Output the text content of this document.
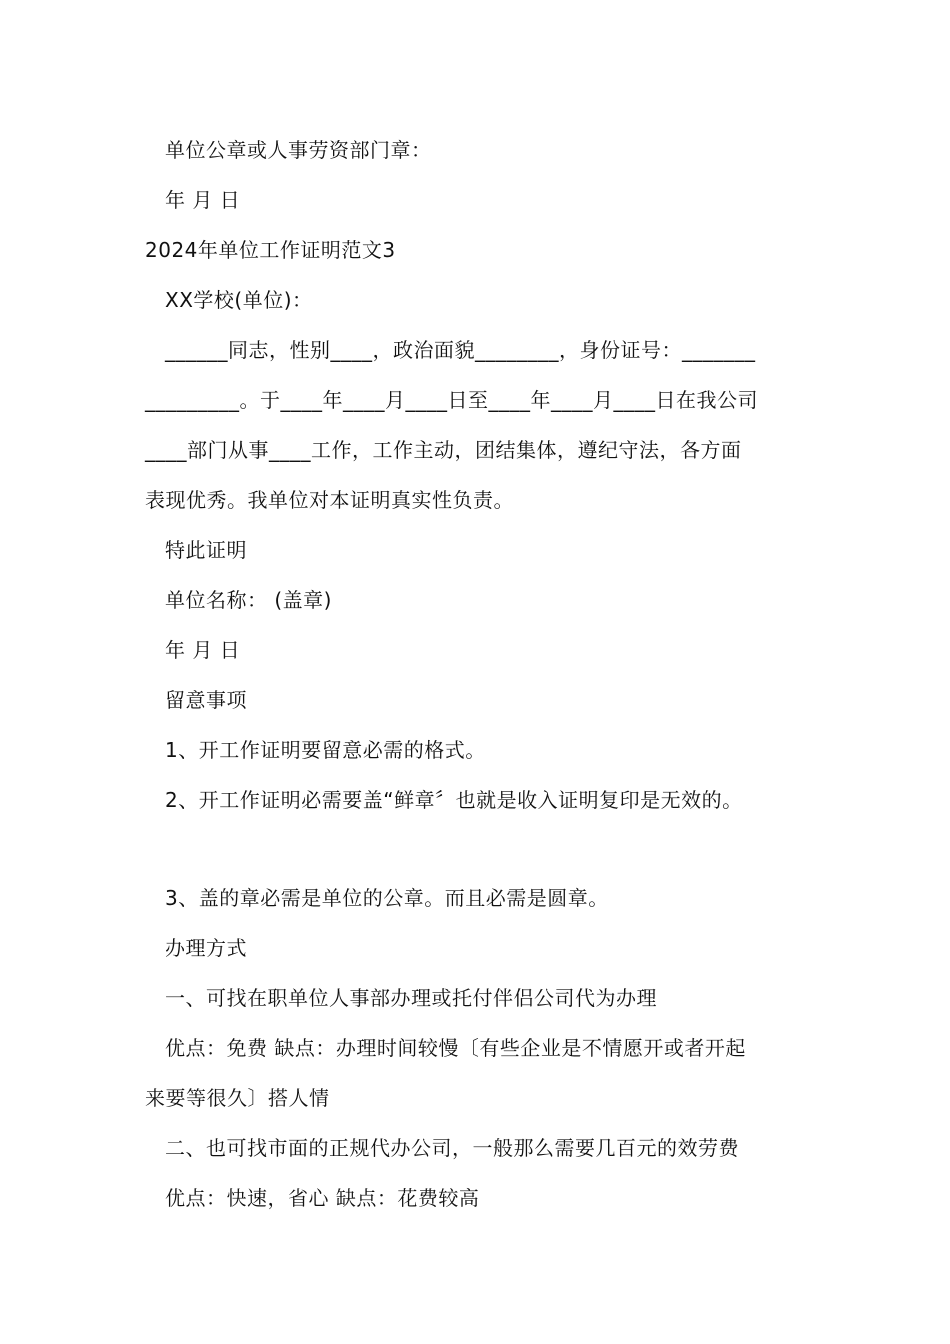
单位公章或人事劳资部门章：
年 月 日
2024年单位工作证明范文3
XX学校(单位)：
______同志，性别____，政治面貌________，身份证号：_______
_________。于____年____月____日至____年____月____日在我公司
____部门从事____工作，工作主动，团结集体，遵纪守法，各方面
表现优秀。我单位对本证明真实性负责。
特此证明
单位名称： (盖章)
年 月 日
留意事项
1、开工作证明要留意必需的格式。
2、开工作证明必需要盖“鲜章〞也就是收入证明复印是无效的。
3、盖的章必需是单位的公章。而且必需是圆章。
办理方式
一、可找在职单位人事部办理或托付伴侣公司代为办理
优点：免费 缺点：办理时间较慢〔有些企业是不情愿开或者开起
来要等很久〕搭人情
二、也可找市面的正规代办公司，一般那么需要几百元的效劳费
优点：快速，省心 缺点：花费较高
